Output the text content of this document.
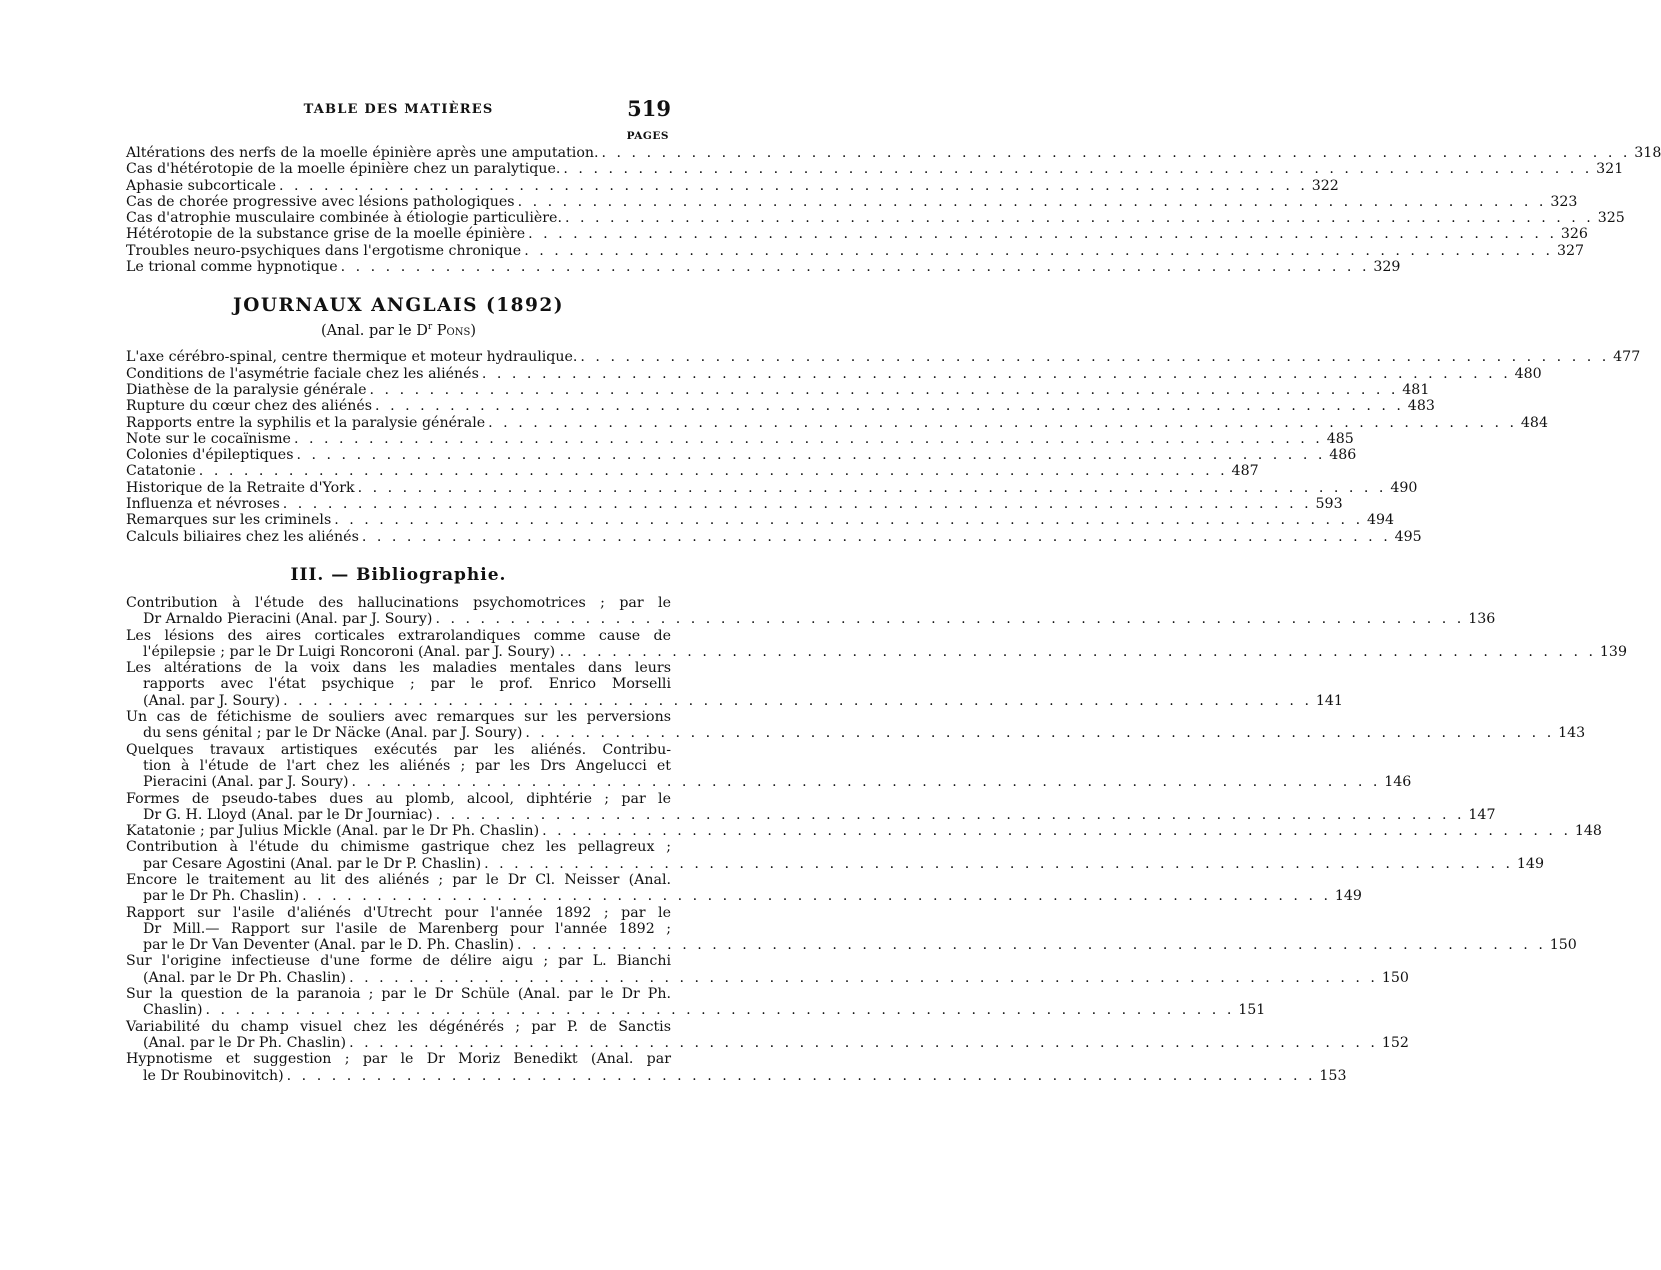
TABLE DES MATIÈRES	519
PAGES
Altérations des nerfs de la moelle épinière après une amputation. . . .	318
Cas d'hétérotopie de la moelle épinière chez un paralytique. . . .	321
Aphasie subcorticale . . .	322
Cas de chorée progressive avec lésions pathologiques . . .	323
Cas d'atrophie musculaire combinée à étiologie particulière. . . .	325
Hétérotopie de la substance grise de la moelle épinière . . .	326
Troubles neuro-psychiques dans l'ergotisme chronique . . .	327
Le trional comme hypnotique . . .	329
JOURNAUX ANGLAIS (1892)
(Anal. par le $D^r$ Pons)
L'axe cérébro-spinal, centre thermique et moteur hydraulique. . . .	477
Conditions de l'asymétrie faciale chez les aliénés . . .	480
Diathèse de la paralysie générale . . .	481
Rupture du cœur chez des aliénés . . .	483
Rapports entre la syphilis et la paralysie générale . . .	484
Note sur le cocaïnisme . . .	485
Colonies d'épileptiques . . .	486
Catatonie . . .	487
Historique de la Retraite d'York . . .	490
Influenza et névroses . . .	593
Remarques sur les criminels . . .	494
Calculs biliaires chez les aliénés . . .	495
III. — Bibliographie.
Contribution à l'étude des hallucinations psychomotrices ; par le
Dr Arnaldo Pieracini (Anal. par J. Soury) . . .	136
Les lésions des aires corticales extrarolandiques comme cause de
l'épilepsie ; par le Dr Luigi Roncoroni (Anal. par J. Soury) . . . .	139
Les altérations de la voix dans les maladies mentales dans leurs
rapports avec l'état psychique ; par le prof. Enrico Morselli
(Anal. par J. Soury) . . .	141
Un cas de fétichisme de souliers avec remarques sur les perversions
du sens génital ; par le Dr Näcke (Anal. par J. Soury) . . .	143
Quelques travaux artistiques exécutés par les aliénés. Contribu-
tion à l'étude de l'art chez les aliénés ; par les Drs Angelucci et
Pieracini (Anal. par J. Soury) . . .	146
Formes de pseudo-tabes dues au plomb, alcool, diphtérie ; par le
Dr G. H. Lloyd (Anal. par le Dr Journiac) . . .	147
Katatonie ; par Julius Mickle (Anal. par le Dr Ph. Chaslin) . . .	148
Contribution à l'étude du chimisme gastrique chez les pellagreux ;
par Cesare Agostini (Anal. par le Dr P. Chaslin) . . .	149
Encore le traitement au lit des aliénés ; par le Dr Cl. Neisser (Anal.
par le Dr Ph. Chaslin) . . .	149
Rapport sur l'asile d'aliénés d'Utrecht pour l'année 1892 ; par le
Dr Mill.— Rapport sur l'asile de Marenberg pour l'année 1892 ;
par le Dr Van Deventer (Anal. par le D. Ph. Chaslin) . . .	150
Sur l'origine infectieuse d'une forme de délire aigu ; par L. Bianchi
(Anal. par le Dr Ph. Chaslin) . . .	150
Sur la question de la paranoia ; par le Dr Schüle (Anal. par le Dr Ph.
Chaslin) . . .	151
Variabilité du champ visuel chez les dégénérés ; par P. de Sanctis
(Anal. par le Dr Ph. Chaslin) . . .	152
Hypnotisme et suggestion ; par le Dr Moriz Benedikt (Anal. par
le Dr Roubinovitch) . . .	153
